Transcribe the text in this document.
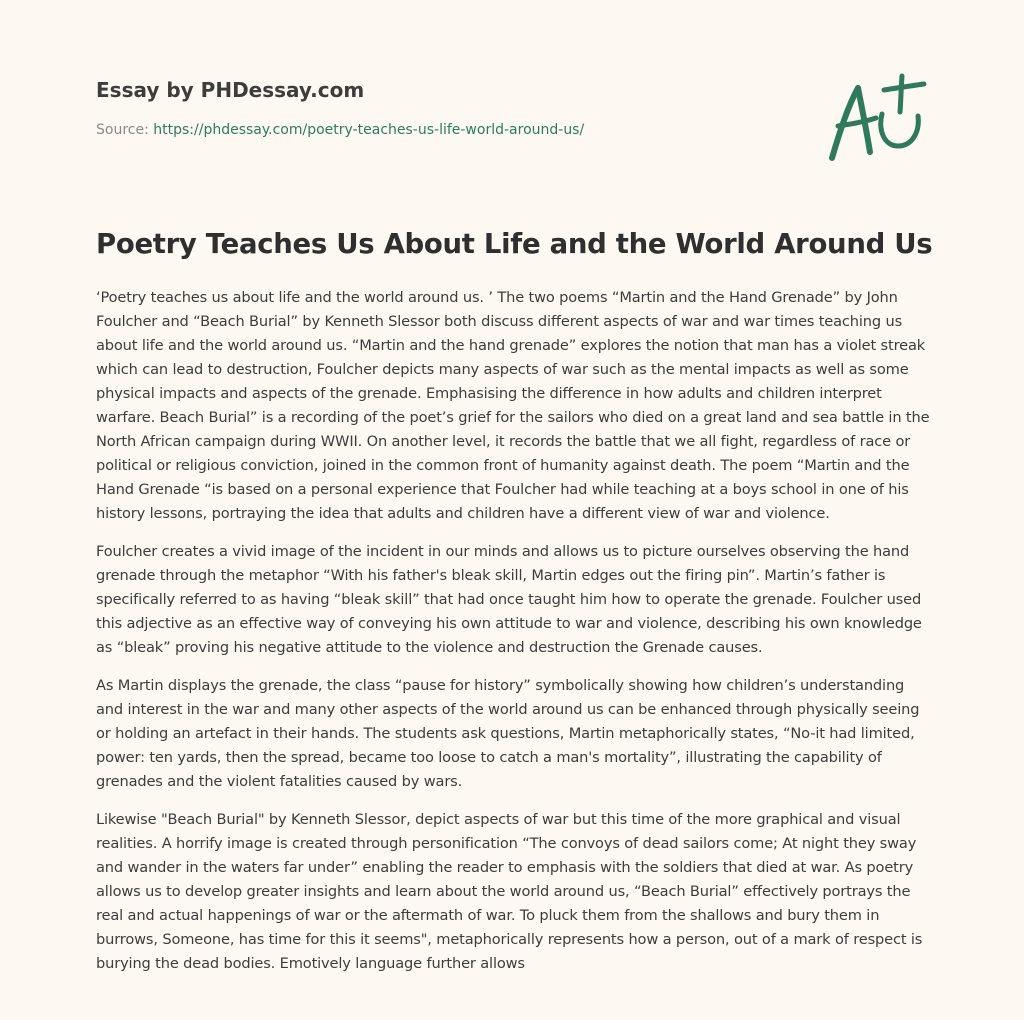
Essay by PHDessay.com
Source: https://phdessay.com/poetry-teaches-us-life-world-around-us/
Poetry Teaches Us About Life and the World Around Us

‘Poetry teaches us about life and the world around us. ’ The two poems “Martin and the Hand Grenade” by John Foulcher and “Beach Burial” by Kenneth Slessor both discuss different aspects of war and war times teaching us about life and the world around us. “Martin and the hand grenade” explores the notion that man has a violet streak which can lead to destruction, Foulcher depicts many aspects of war such as the mental impacts as well as some physical impacts and aspects of the grenade. Emphasising the difference in how adults and children interpret warfare. Beach Burial” is a recording of the poet’s grief for the sailors who died on a great land and sea battle in the North African campaign during WWII. On another level, it records the battle that we all fight, regardless of race or political or religious conviction, joined in the common front of humanity against death. The poem “Martin and the Hand Grenade “is based on a personal experience that Foulcher had while teaching at a boys school in one of his history lessons, portraying the idea that adults and children have a different view of war and violence.

Foulcher creates a vivid image of the incident in our minds and allows us to picture ourselves observing the hand grenade through the metaphor “With his father's bleak skill, Martin edges out the firing pin”. Martin’s father is specifically referred to as having “bleak skill” that had once taught him how to operate the grenade. Foulcher used this adjective as an effective way of conveying his own attitude to war and violence, describing his own knowledge as “bleak” proving his negative attitude to the violence and destruction the Grenade causes.

As Martin displays the grenade, the class “pause for history” symbolically showing how children’s understanding and interest in the war and many other aspects of the world around us can be enhanced through physically seeing or holding an artefact in their hands. The students ask questions, Martin metaphorically states, “No-it had limited, power: ten yards, then the spread, became too loose to catch a man's mortality”, illustrating the capability of grenades and the violent fatalities caused by wars.

Likewise "Beach Burial" by Kenneth Slessor, depict aspects of war but this time of the more graphical and visual realities. A horrify image is created through personification “The convoys of dead sailors come; At night they sway and wander in the waters far under” enabling the reader to emphasis with the soldiers that died at war. As poetry allows us to develop greater insights and learn about the world around us, “Beach Burial” effectively portrays the real and actual happenings of war or the aftermath of war. To pluck them from the shallows and bury them in burrows, Someone, has time for this it seems", metaphorically represents how a person, out of a mark of respect is burying the dead bodies. Emotively language further allows
